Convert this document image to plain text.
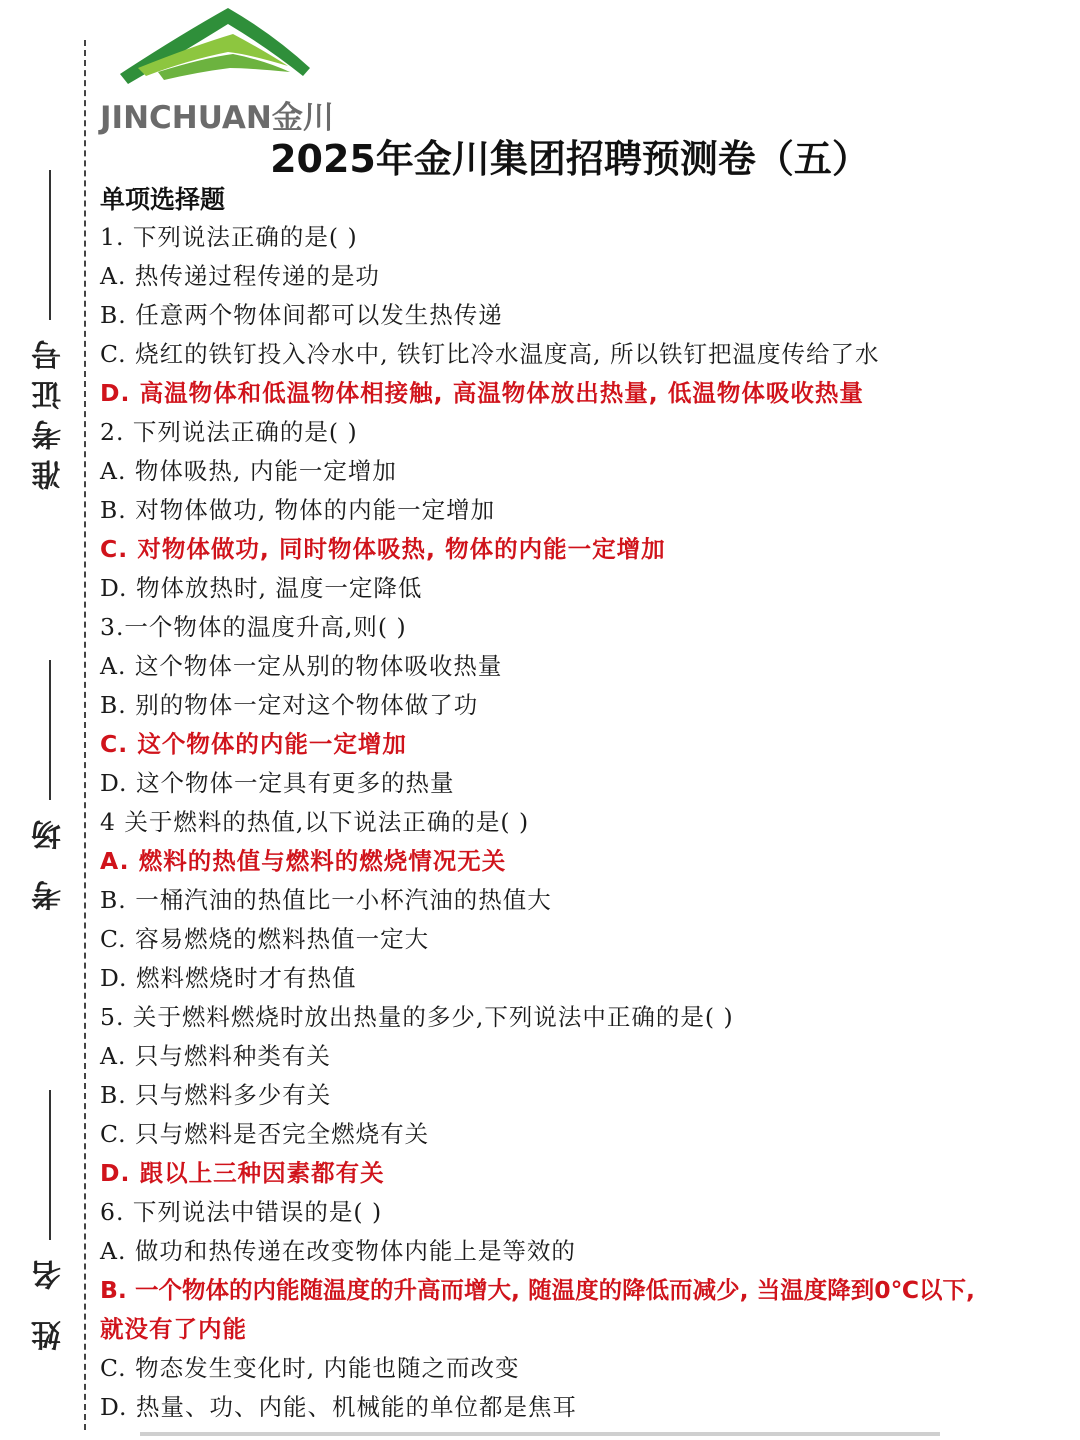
准考证号
考 场
姓 名
JINCHUAN金川
2025年金川集团招聘预测卷（五）
单项选择题
1. 下列说法正确的是( )
A. 热传递过程传递的是功
B. 任意两个物体间都可以发生热传递
C. 烧红的铁钉投入冷水中, 铁钉比冷水温度高, 所以铁钉把温度传给了水
D. 高温物体和低温物体相接触, 高温物体放出热量, 低温物体吸收热量
2. 下列说法正确的是( )
A. 物体吸热, 内能一定增加
B. 对物体做功, 物体的内能一定增加
C. 对物体做功, 同时物体吸热, 物体的内能一定增加
D. 物体放热时, 温度一定降低
3.一个物体的温度升高,则( )
A. 这个物体一定从别的物体吸收热量
B. 别的物体一定对这个物体做了功
C. 这个物体的内能一定增加
D. 这个物体一定具有更多的热量
4 关于燃料的热值,以下说法正确的是( )
A. 燃料的热值与燃料的燃烧情况无关
B. 一桶汽油的热值比一小杯汽油的热值大
C. 容易燃烧的燃料热值一定大
D. 燃料燃烧时才有热值
5. 关于燃料燃烧时放出热量的多少,下列说法中正确的是( )
A. 只与燃料种类有关
B. 只与燃料多少有关
C. 只与燃料是否完全燃烧有关
D. 跟以上三种因素都有关
6. 下列说法中错误的是( )
A. 做功和热传递在改变物体内能上是等效的
B. 一个物体的内能随温度的升高而增大, 随温度的降低而减少, 当温度降到0℃以下,
就没有了内能
C. 物态发生变化时, 内能也随之而改变
D. 热量、功、内能、机械能的单位都是焦耳
